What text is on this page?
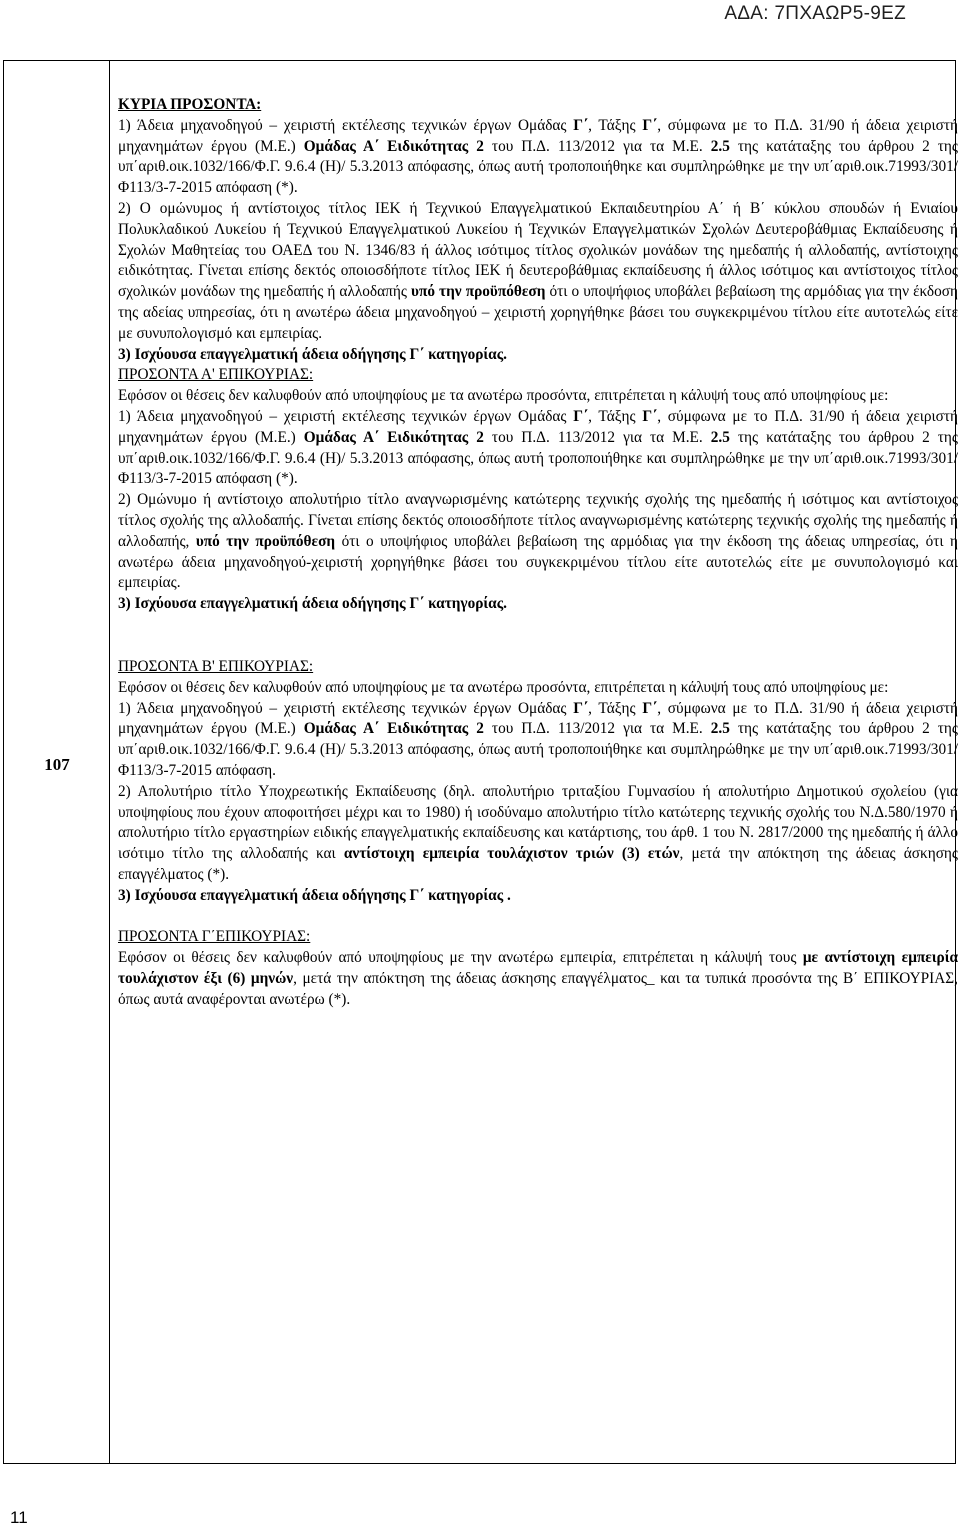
ΑΔΑ: 7ΠΧΑΩΡ5-9ΕΖ
107

ΚΥΡΙΑ ΠΡΟΣΟΝΤΑ:

1) Άδεια μηχανοδηγού – χειριστή εκτέλεσης τεχνικών έργων Ομάδας Γ΄, Τάξης Γ΄, σύμφωνα με το Π.Δ. 31/90 ή άδεια χειριστή μηχανημάτων έργου (Μ.Ε.) Ομάδας Α΄ Ειδικότητας 2 του Π.Δ. 113/2012 για τα Μ.Ε. 2.5 της κατάταξης του άρθρου 2 της υπ΄αριθ.οικ.1032/166/Φ.Γ. 9.6.4 (Η)/ 5.3.2013 απόφασης, όπως αυτή τροποποιήθηκε και συμπληρώθηκε με την υπ΄αριθ.οικ.71993/301/Φ113/3-7-2015 απόφαση (*).

2) Ο ομώνυμος ή αντίστοιχος τίτλος ΙΕΚ ή Τεχνικού Επαγγελματικού Εκπαιδευτηρίου Α΄ ή Β΄ κύκλου σπουδών ή Ενιαίου Πολυκλαδικού Λυκείου ή Τεχνικού Επαγγελματικού Λυκείου ή Τεχνικών Επαγγελματικών Σχολών Δευτεροβάθμιας Εκπαίδευσης ή Σχολών Μαθητείας του ΟΑΕΔ του Ν. 1346/83 ή άλλος ισότιμος τίτλος σχολικών μονάδων της ημεδαπής ή αλλοδαπής, αντίστοιχης ειδικότητας. Γίνεται επίσης δεκτός οποιοσδήποτε τίτλος ΙΕΚ ή δευτεροβάθμιας εκπαίδευσης ή άλλος ισότιμος και αντίστοιχος τίτλος σχολικών μονάδων της ημεδαπής ή αλλοδαπής υπό την προϋπόθεση ότι ο υποψήφιος υποβάλει βεβαίωση της αρμόδιας για την έκδοση της αδείας υπηρεσίας, ότι η ανωτέρω άδεια μηχανοδηγού – χειριστή χορηγήθηκε βάσει του συγκεκριμένου τίτλου είτε αυτοτελώς είτε με συνυπολογισμό και εμπειρίας.

3) Ισχύουσα επαγγελματική άδεια οδήγησης Γ΄ κατηγορίας.

ΠΡΟΣΟΝΤΑ Α' ΕΠΙΚΟΥΡΙΑΣ:

Εφόσον οι θέσεις δεν καλυφθούν από υποψηφίους με τα ανωτέρω προσόντα, επιτρέπεται η κάλυψή τους από υποψηφίους με:

1) Άδεια μηχανοδηγού – χειριστή εκτέλεσης τεχνικών έργων Ομάδας Γ΄, Τάξης Γ΄, σύμφωνα με το Π.Δ. 31/90 ή άδεια χειριστή μηχανημάτων έργου (Μ.Ε.) Ομάδας Α΄ Ειδικότητας 2 του Π.Δ. 113/2012 για τα Μ.Ε. 2.5 της κατάταξης του άρθρου 2 της υπ΄αριθ.οικ.1032/166/Φ.Γ. 9.6.4 (Η)/ 5.3.2013 απόφασης, όπως αυτή τροποποιήθηκε και συμπληρώθηκε με την υπ΄αριθ.οικ.71993/301/Φ113/3-7-2015 απόφαση (*).

2) Ομώνυμο ή αντίστοιχο απολυτήριο τίτλο αναγνωρισμένης κατώτερης τεχνικής σχολής της ημεδαπής ή ισότιμος και αντίστοιχος τίτλος σχολής της αλλοδαπής. Γίνεται επίσης δεκτός οποιοσδήποτε τίτλος αναγνωρισμένης κατώτερης τεχνικής σχολής της ημεδαπής ή αλλοδαπής, υπό την προϋπόθεση ότι ο υποψήφιος υποβάλει βεβαίωση της αρμόδιας για την έκδοση της άδειας υπηρεσίας, ότι η ανωτέρω άδεια μηχανοδηγού-χειριστή χορηγήθηκε βάσει του συγκεκριμένου τίτλου είτε αυτοτελώς είτε με συνυπολογισμό και εμπειρίας.

3) Ισχύουσα επαγγελματική άδεια οδήγησης Γ΄ κατηγορίας.

ΠΡΟΣΟΝΤΑ Β' ΕΠΙΚΟΥΡΙΑΣ:

Εφόσον οι θέσεις δεν καλυφθούν από υποψηφίους με τα ανωτέρω προσόντα, επιτρέπεται η κάλυψή τους από υποψηφίους με:

1) Άδεια μηχανοδηγού – χειριστή εκτέλεσης τεχνικών έργων Ομάδας Γ΄, Τάξης Γ΄, σύμφωνα με το Π.Δ. 31/90 ή άδεια χειριστή μηχανημάτων έργου (Μ.Ε.) Ομάδας Α΄ Ειδικότητας 2 του Π.Δ. 113/2012 για τα Μ.Ε. 2.5 της κατάταξης του άρθρου 2 της υπ΄αριθ.οικ.1032/166/Φ.Γ. 9.6.4 (Η)/ 5.3.2013 απόφασης, όπως αυτή τροποποιήθηκε και συμπληρώθηκε με την υπ΄αριθ.οικ.71993/301/Φ113/3-7-2015 απόφαση.

2) Απολυτήριο τίτλο Υποχρεωτικής Εκπαίδευσης (δηλ. απολυτήριο τριταξίου Γυμνασίου ή απολυτήριο Δημοτικού σχολείου (για υποψηφίους που έχουν αποφοιτήσει μέχρι και το 1980) ή ισοδύναμο απολυτήριο τίτλο κατώτερης τεχνικής σχολής του Ν.Δ.580/1970 ή απολυτήριο τίτλο εργαστηρίων ειδικής επαγγελματικής εκπαίδευσης και κατάρτισης, του άρθ. 1 του Ν. 2817/2000 της ημεδαπής ή άλλο ισότιμο τίτλο της αλλοδαπής και αντίστοιχη εμπειρία τουλάχιστον τριών (3) ετών, μετά την απόκτηση της άδειας άσκησης επαγγέλματος (*).

3) Ισχύουσα επαγγελματική άδεια οδήγησης Γ΄ κατηγορίας .

ΠΡΟΣΟΝΤΑ Γ΄ΕΠΙΚΟΥΡΙΑΣ:

Εφόσον οι θέσεις δεν καλυφθούν από υποψηφίους με την ανωτέρω εμπειρία, επιτρέπεται η κάλυψή τους με αντίστοιχη εμπειρία τουλάχιστον έξι (6) μηνών, μετά την απόκτηση της άδειας άσκησης επαγγέλματος_ και τα τυπικά προσόντα της Β΄ ΕΠΙΚΟΥΡΙΑΣ, όπως αυτά αναφέρονται ανωτέρω (*).

11
